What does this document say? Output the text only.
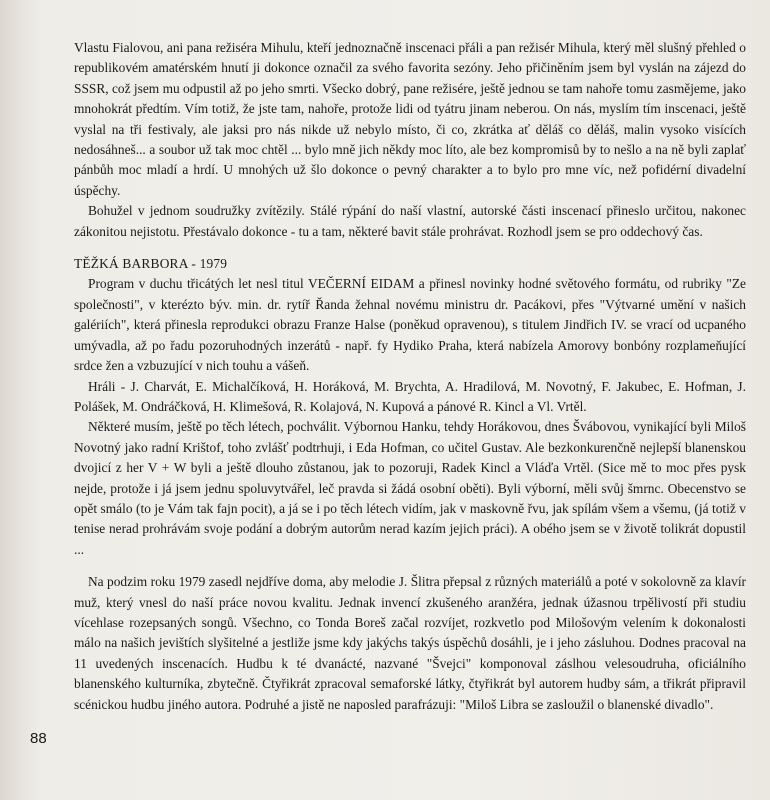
Vlastu Fialovou, ani pana režiséra Mihulu, kteří jednoznačně inscenaci přáli a pan režisér Mihula, který měl slušný přehled o republikovém amatérském hnutí ji dokonce označil za svého favorita sezóny. Jeho přičiněním jsem byl vyslán na zájezd do SSSR, což jsem mu odpustil až po jeho smrti. Všecko dobrý, pane režisére, ještě jednou se tam nahoře tomu zasmějeme, jako mnohokrát předtím. Vím totiž, že jste tam, nahoře, protože lidi od tyátru jinam neberou. On nás, myslím tím inscenaci, ještě vyslal na tři festivaly, ale jaksi pro nás nikde už nebylo místo, či co, zkrátka ať děláš co děláš, malin vysoko visících nedosáhneš... a soubor už tak moc chtěl ... bylo mně jich někdy moc líto, ale bez kompromisů by to nešlo a na ně byli zaplať pánbůh moc mladí a hrdí. U mnohých už šlo dokonce o pevný charakter a to bylo pro mne víc, než pofidérní divadelní úspěchy.

Bohužel v jednom soudružky zvítězily. Stálé rýpání do naší vlastní, autorské části inscenací přineslo určitou, nakonec zákonitou nejistotu. Přestávalo dokonce - tu a tam, některé bavit stále prohrávat. Rozhodl jsem se pro oddechový čas.

TĚŽKÁ BARBORA - 1979

Program v duchu třicátých let nesl titul VEČERNÍ EIDAM a přinesl novinky hodné světového formátu, od rubriky "Ze společnosti", v kterézto býv. min. dr. rytíř Řanda žehnal novému ministru dr. Pacákovi, přes "Výtvarné umění v našich galériích", která přinesla reprodukci obrazu Franze Halse (poněkud opravenou), s titulem Jindřich IV. se vrací od ucpaného umývadla, až po řadu pozoruhodných inzerátů - např. fy Hydiko Praha, která nabízela Amorovy bonbóny rozplameňující srdce žen a vzbuzující v nich touhu a vášeň.

Hráli - J. Charvát, E. Michalčíková, H. Horáková, M. Brychta, A. Hradilová, M. Novotný, F. Jakubec, E. Hofman, J. Polášek, M. Ondráčková, H. Klimešová, R. Kolajová, N. Kupová a pánové R. Kincl a Vl. Vrtěl.

Některé musím, ještě po těch létech, pochválit. Výbornou Hanku, tehdy Horákovou, dnes Švábovou, vynikající byli Miloš Novotný jako radní Krištof, toho zvlášť podtrhuji, i Eda Hofman, co učitel Gustav. Ale bezkonkurenčně nejlepší blanenskou dvojicí z her V + W byli a ještě dlouho zůstanou, jak to pozoruji, Radek Kincl a Vláďa Vrtěl. (Sice mě to moc přes pysk nejde, protože i já jsem jednu spoluvytvářel, leč pravda si žádá osobní oběti). Byli výborní, měli svůj šmrnc. Obecenstvo se opět smálo (to je Vám tak fajn pocit), a já se i po těch létech vidím, jak v maskovně řvu, jak spílám všem a všemu, (já totiž v tenise nerad prohrávám svoje podání a dobrým autorům nerad kazím jejich práci). A obého jsem se v životě tolikrát dopustil ...

Na podzim roku 1979 zasedl nejdříve doma, aby melodie J. Šlitra přepsal z různých materiálů a poté v sokolovně za klavír muž, který vnesl do naší práce novou kvalitu. Jednak invencí zkušeného aranžéra, jednak úžasnou trpělivostí při studiu vícehlase rozepsaných songů. Všechno, co Tonda Boreš začal rozvíjet, rozkvetlo pod Milošovým velením k dokonalosti málo na našich jevištích slyšitelné a jestliže jsme kdy jakýchs takýs úspěchů dosáhli, je i jeho zásluhou. Dodnes pracoval na 11 uvedených inscenacích. Hudbu k té dvanácté, nazvané "Švejci" komponoval záslhou velesoudruha, oficiálního blanenského kulturníka, zbytečně. Čtyřikrát zpracoval semaforské látky, čtyřikrát byl autorem hudby sám, a třikrát připravil scénickou hudbu jiného autora. Podruhé a jistě ne naposled parafrázuji: "Miloš Libra se zasloužil o blanenské divadlo".

88
